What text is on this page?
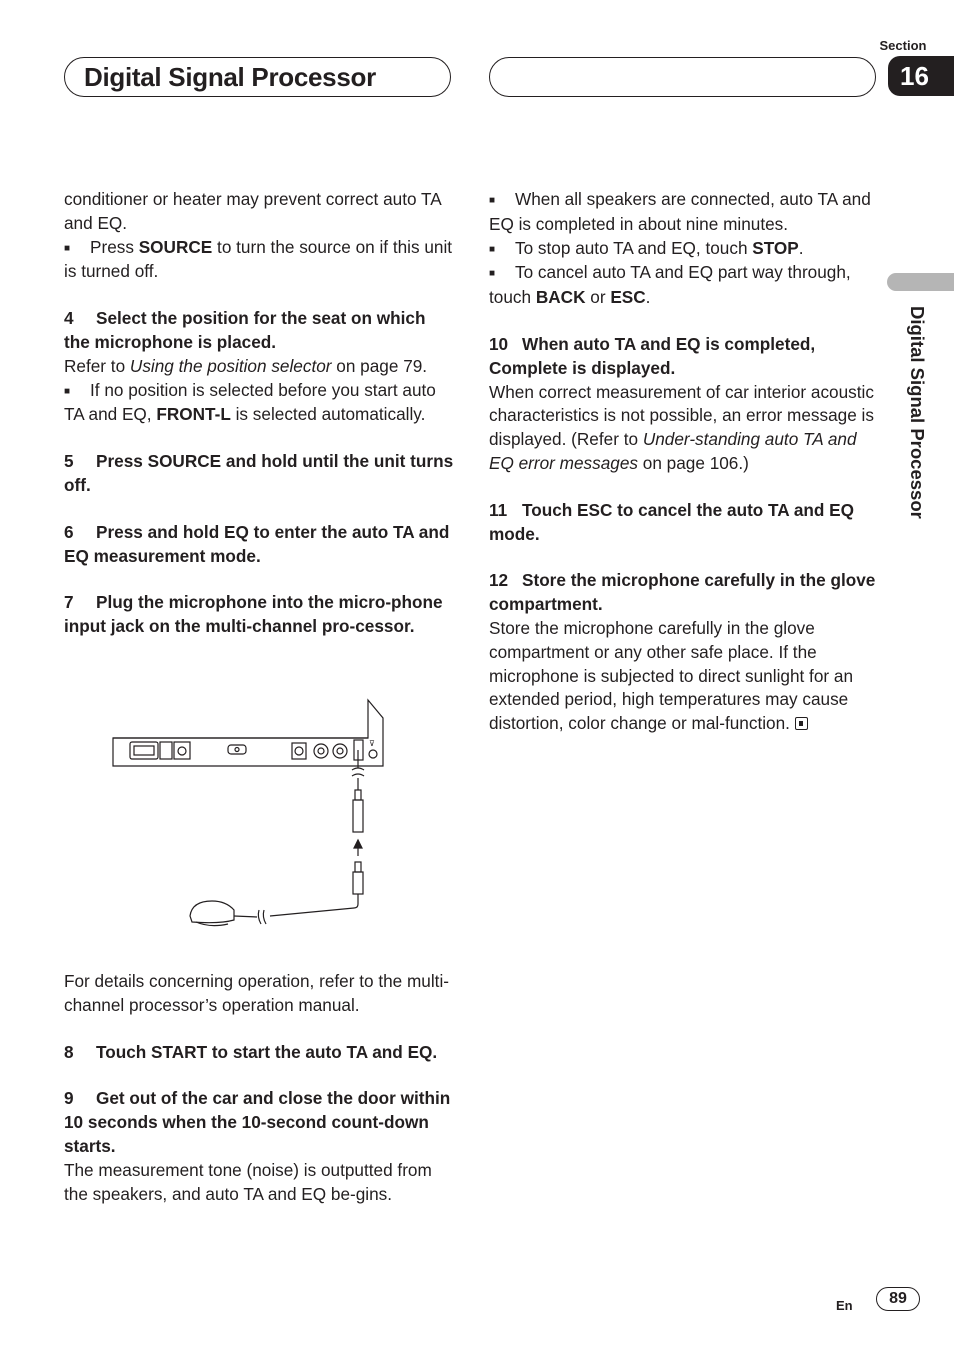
Digital Signal Processor
Section
16
Digital Signal Processor

conditioner or heater may prevent correct auto TA and EQ.

■ Press SOURCE to turn the source on if this unit is turned off.

4 Select the position for the seat on which the microphone is placed.

Refer to Using the position selector on page 79.

■ If no position is selected before you start auto TA and EQ, FRONT-L is selected automatically.

5 Press SOURCE and hold until the unit turns off.

6 Press and hold EQ to enter the auto TA and EQ measurement mode.

7 Plug the microphone into the micro-phone input jack on the multi-channel pro-cessor.

⊽

For details concerning operation, refer to the multi-channel processor’s operation manual.

8 Touch START to start the auto TA and EQ.

9 Get out of the car and close the door within 10 seconds when the 10-second count-down starts.

The measurement tone (noise) is outputted from the speakers, and auto TA and EQ be-gins.

■ When all speakers are connected, auto TA and EQ is completed in about nine minutes.

■ To stop auto TA and EQ, touch STOP.

■ To cancel auto TA and EQ part way through, touch BACK or ESC.

10 When auto TA and EQ is completed, Complete is displayed.

When correct measurement of car interior acoustic characteristics is not possible, an error message is displayed. (Refer to Under-standing auto TA and EQ error messages on page 106.)

11 Touch ESC to cancel the auto TA and EQ mode.

12 Store the microphone carefully in the glove compartment.

Store the microphone carefully in the glove compartment or any other safe place. If the microphone is subjected to direct sunlight for an extended period, high temperatures may cause distortion, color change or mal-function.

En	89
